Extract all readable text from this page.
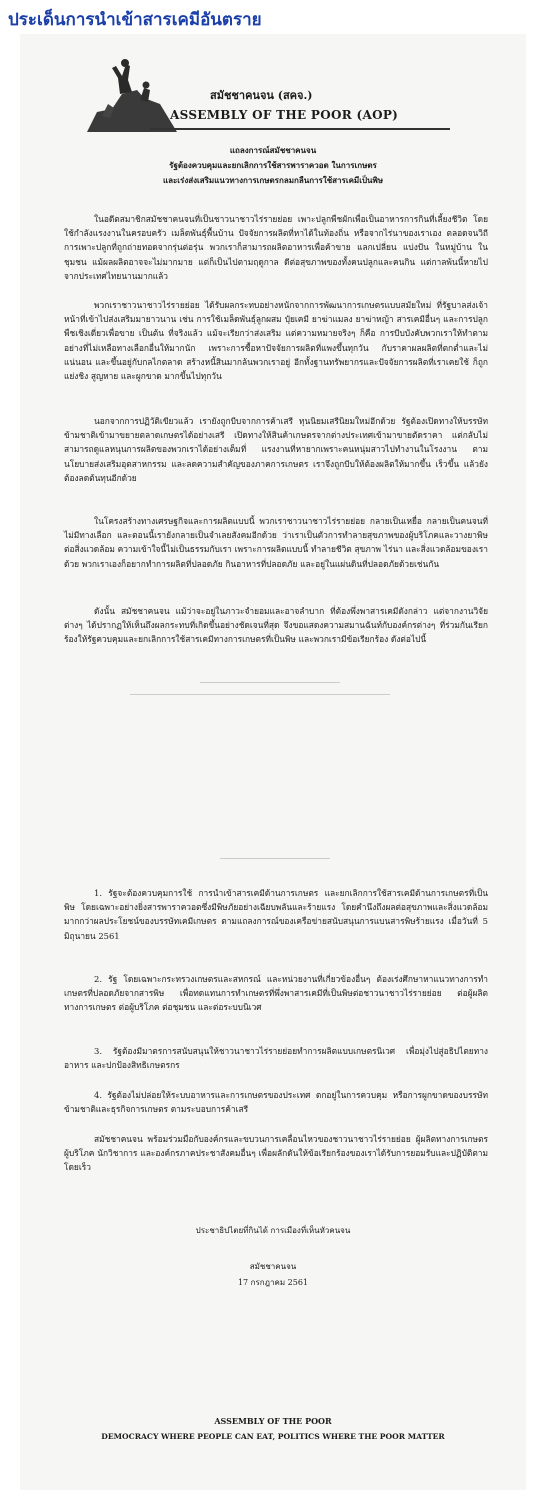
ประเด็นการนำเข้าสารเคมีอันตราย
สมัชชาคนจน (สคจ.)
ASSEMBLY OF THE POOR (AOP)
แถลงการณ์สมัชชาคนจน
รัฐต้องควบคุมและยกเลิกการใช้สารพาราควอต ในการเกษตร
และเร่งส่งเสริมแนวทางการเกษตรกลมกลืนการใช้สารเคมีเป็นพิษ

ในอดีตสมาชิกสมัชชาคนจนที่เป็นชาวนาชาวไร่รายย่อย เพาะปลูกพืชผักเพื่อเป็นอาหารการกินที่เลี้ยงชีวิต โดยใช้กำลังแรงงานในครอบครัว เมล็ดพันธุ์พื้นบ้าน ปัจจัยการผลิตที่หาได้ในท้องถิ่น หรือจากไร่นาของเราเอง ตลอดจนวิถีการเพาะปลูกที่ถูกถ่ายทอดจากรุ่นต่อรุ่น พวกเราก็สามารถผลิตอาหารเพื่อค้าขาย แลกเปลี่ยน แบ่งปัน ในหมู่บ้าน ในชุมชน แม้ผลผลิตอาจจะไม่มากมาย แต่ก็เป็นไปตามฤดูกาล ดีต่อสุขภาพของทั้งคนปลูกและคนกิน แต่กาลพ้นนี้หายไปจากประเทศไทยนานมากแล้ว

พวกเราชาวนาชาวไร่รายย่อย ได้รับผลกระทบอย่างหนักจากการพัฒนาการเกษตรแบบสมัยใหม่ ที่รัฐบาลส่งเจ้าหน้าที่เข้าไปส่งเสริมมายาวนาน เช่น การใช้เมล็ดพันธุ์ลูกผสม ปุ๋ยเคมี ยาฆ่าแมลง ยาฆ่าหญ้า สารเคมีอื่นๆ และการปลูกพืชเชิงเดี่ยวเพื่อขาย เป็นต้น ที่จริงแล้ว แม้จะเรียกว่าส่งเสริม แต่ความหมายจริงๆ ก็คือ การบีบบังคับพวกเราให้ทำตาม อย่างที่ไม่เหลือทางเลือกอื่นให้มากนัก เพราะการซื้อหาปัจจัยการผลิตที่แพงขึ้นทุกวัน กับราคาผลผลิตที่ตกต่ำและไม่แน่นอน และขึ้นอยู่กับกลไกตลาด สร้างหนี้สินมากล้นพวกเราอยู่ อีกทั้งฐานทรัพยากรและปัจจัยการผลิตที่เราเคยใช้ ก็ถูกแย่งชิง สูญหาย และผูกขาด มากขึ้นไปทุกวัน

นอกจากการปฏิวัติเขียวแล้ว เรายังถูกบีบจากการค้าเสรี ทุนนิยมเสรีนิยมใหม่อีกด้วย รัฐต้องเปิดทางให้บรรษัทข้ามชาติเข้ามาขยายตลาดเกษตรได้อย่างเสรี เปิดทางให้สินค้าเกษตรจากต่างประเทศเข้ามาขายตัดราคา แต่กลับไม่สามารถดูแลหนุนการผลิตของพวกเราได้อย่างเต็มที่ แรงงานที่หายากเพราะคนหนุ่มสาวไปทำงานในโรงงาน ตามนโยบายส่งเสริมอุตสาหกรรม และลดความสำคัญของภาคการเกษตร เราจึงถูกบีบให้ต้องผลิตให้มากขึ้น เร็วขึ้น แล้วยังต้องลดต้นทุนอีกด้วย

ในโครงสร้างทางเศรษฐกิจและการผลิตแบบนี้ พวกเราชาวนาชาวไร่รายย่อย กลายเป็นเหยื่อ กลายเป็นคนจนที่ไม่มีทางเลือก และตอนนี้เรายังกลายเป็นจำเลยสังคมอีกด้วย ว่าเราเป็นตัวการทำลายสุขภาพของผู้บริโภคและวางยาพิษต่อสิ่งแวดล้อม ความเข้าใจนี้ไม่เป็นธรรมกับเรา เพราะการผลิตแบบนี้ ทำลายชีวิต สุขภาพ ไร่นา และสิ่งแวดล้อมของเราด้วย พวกเราเองก็อยากทำการผลิตที่ปลอดภัย กินอาหารที่ปลอดภัย และอยู่ในแผ่นดินที่ปลอดภัยด้วยเช่นกัน

ดังนั้น สมัชชาคนจน แม้ว่าจะอยู่ในภาวะจำยอมและอาจลำบาก ที่ต้องพึ่งพาสารเคมีดังกล่าว แต่จากงานวิจัยต่างๆ ได้ปรากฏให้เห็นถึงผลกระทบที่เกิดขึ้นอย่างชัดเจนที่สุด จึงขอแสดงความสมานฉันท์กับองค์กรต่างๆ ที่ร่วมกันเรียกร้องให้รัฐควบคุมและยกเลิกการใช้สารเคมีทางการเกษตรที่เป็นพิษ และพวกเรามีข้อเรียกร้อง ดังต่อไปนี้

1. รัฐจะต้องควบคุมการใช้ การนำเข้าสารเคมีด้านการเกษตร และยกเลิกการใช้สารเคมีด้านการเกษตรที่เป็นพิษ โดยเฉพาะอย่างยิ่งสารพาราควอตซึ่งมีพิษภัยอย่างเฉียบพลันและร้ายแรง โดยคำนึงถึงผลต่อสุขภาพและสิ่งแวดล้อมมากกว่าผลประโยชน์ของบรรษัทเคมีเกษตร ตามแถลงการณ์ของเครือข่ายสนับสนุนการแบนสารพิษร้ายแรง เมื่อวันที่ 5 มิถุนายน 2561

2. รัฐ โดยเฉพาะกระทรวงเกษตรและสหกรณ์ และหน่วยงานที่เกี่ยวข้องอื่นๆ ต้องเร่งศึกษาหาแนวทางการทำเกษตรที่ปลอดภัยจากสารพิษ เพื่อทดแทนการทำเกษตรที่พึ่งพาสารเคมีที่เป็นพิษต่อชาวนาชาวไร่รายย่อย ต่อผู้ผลิตทางการเกษตร ต่อผู้บริโภค ต่อชุมชน และต่อระบบนิเวศ

3. รัฐต้องมีมาตรการสนับสนุนให้ชาวนาชาวไร่รายย่อยทำการผลิตแบบเกษตรนิเวศ เพื่อมุ่งไปสู่อธิปไตยทางอาหาร และปกป้องสิทธิเกษตรกร

4. รัฐต้องไม่ปล่อยให้ระบบอาหารและการเกษตรของประเทศ ตกอยู่ในการควบคุม หรือการผูกขาดของบรรษัทข้ามชาติและธุรกิจการเกษตร ตามระบอบการค้าเสรี

สมัชชาคนจน พร้อมร่วมมือกับองค์กรและขบวนการเคลื่อนไหวของชาวนาชาวไร่รายย่อย ผู้ผลิตทางการเกษตร ผู้บริโภค นักวิชาการ และองค์กรภาคประชาสังคมอื่นๆ เพื่อผลักดันให้ข้อเรียกร้องของเราได้รับการยอมรับและปฏิบัติตามโดยเร็ว

ประชาธิปไตยที่กินได้ การเมืองที่เห็นหัวคนจน
สมัชชาคนจน
17 กรกฎาคม 2561
ASSEMBLY OF THE POOR
DEMOCRACY WHERE PEOPLE CAN EAT, POLITICS WHERE THE POOR MATTER
